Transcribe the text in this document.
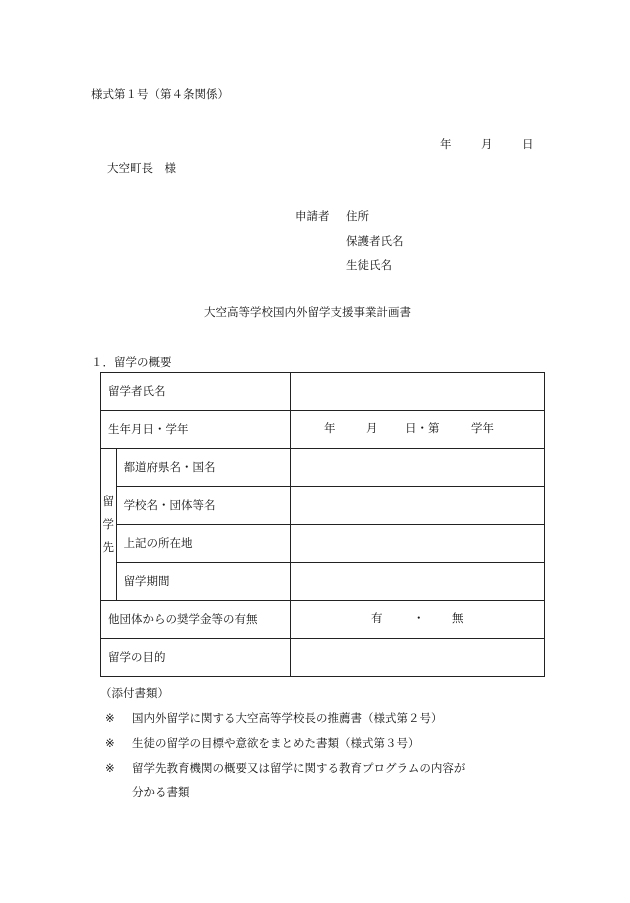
様式第１号（第４条関係）
年	月	日
大空町長　様
申請者 住所
保護者氏名
生徒氏名
大空高等学校国内外留学支援事業計画書
１．留学の概要
留学者氏名		
生年月日・学年		年 月 日・第 学年

留
学
先	都道府県名・国名	
	学校名・団体等名	
	上記の所在地	
	留学期間	
他団体からの奨学金等の有無		有 ・ 無

留学の目的		
（添付書類）
※ 国内外留学に関する大空高等学校長の推薦書（様式第２号）
※ 生徒の留学の目標や意欲をまとめた書類（様式第３号）
※ 留学先教育機関の概要又は留学に関する教育プログラムの内容が
分かる書類
